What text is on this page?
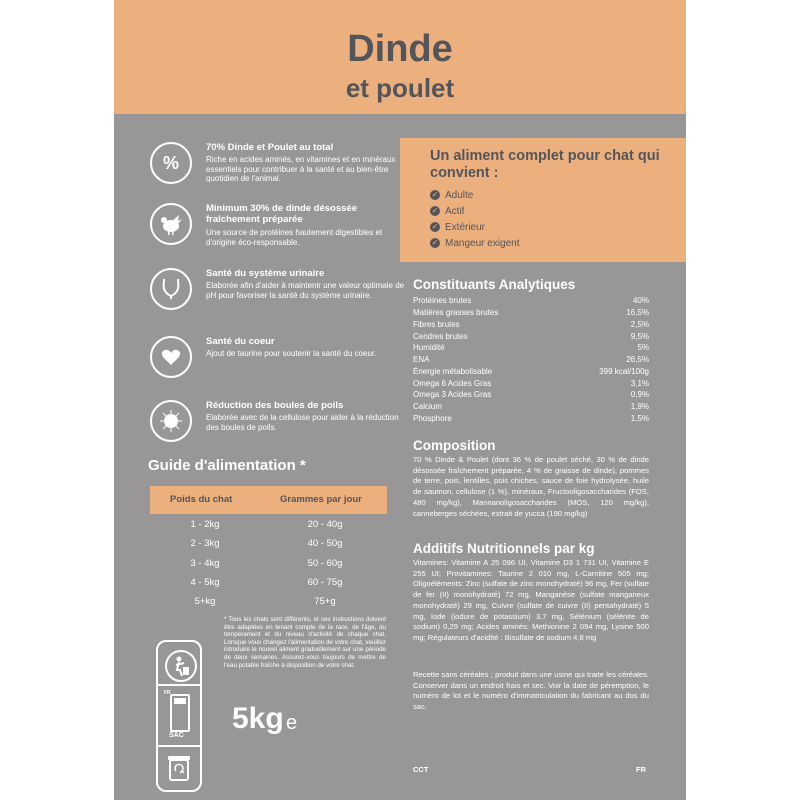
Dinde
et poulet
%
70% Dinde et Poulet au total
Riche en acides aminés, en vitamines et en minéraux essentiels pour contribuer à la santé et au bien-être quotidien de l'animal.
Minimum 30% de dinde désossée fraîchement préparée
Une source de protéines hautement digestibles et d'origine éco-responsable.
Santé du système urinaire
Elaborée afin d'aider à maintenir une valeur optimale de pH pour favoriser la santé du système urinaire.
Santé du coeur
Ajout de taurine pour soutenir la santé du coeur.
Réduction des boules de poils
Elaborée avec de la cellulose pour aider à la réduction des boules de poils.
Guide d'alimentation *
Poids du chat	Grammes par jour
1 - 2kg	20 - 40g
2 - 3kg	40 - 50g
3 - 4kg	50 - 60g
4 - 5kg	60 - 75g
5+kg	75+g
* Tous les chats sont différents, et ces instructions doivent être adaptées en tenant compte de la race, de l'âge, du tempérament et du niveau d'activité de chaque chat. Lorsque vous changez l'alimentation de votre chat, veuillez introduire le nouvel aliment graduellement sur une période de deux semaines. Assurez-vous toujours de mettre de l'eau potable fraîche à disposition de votre chat.
FR
SAC
5kg e
Un aliment complet pour chat qui convient :
✓ Adulte
✓ Actif
✓ Extérieur
✓ Mangeur exigent
Constituants Analytiques
Protéines brutes	40%
Matières grasses brutes	16,5%
Fibres brutes	2,5%
Cendres brutes	9,5%
Humidité	5%
ENA	26,5%
Énergie métabolisable	399 kcal/100g
Omega 6 Acides Gras	3,1%
Omega 3 Acides Gras	0,9%
Calcium	1,9%
Phosphore	1,5%
Composition
70 % Dinde & Poulet (dont 36 % de poulet séché, 30 % de dinde désossée fraîchement préparée, 4 % de graisse de dinde), pommes de terre, pois, lentilles, pois chiches, sauce de foie hydrolysée, huile de saumon, cellulose (1 %), minéraux, Fructooligosaccharides (FOS, 480 mg/kg), Mannanoligosaccharides (MOS, 120 mg/kg), canneberges séchées, extrait de yucca (190 mg/kg)
Additifs Nutritionnels par kg
Vitamines: Vitamine A 25 096 UI, Vitamine D3 1 731 UI, Vitamine E 255 UI; Provitamines: Taurine 2 010 mg, L-Carnitine 505 mg; Oligoéléments: Zinc (sulfate de zinc monohydraté) 96 mg, Fer (sulfate de fer (II) monohydraté) 72 mg, Manganèse (sulfate manganeux monohydraté) 29 mg, Cuivre (sulfate de cuivre (II) pentahydraté) 5 mg, Iode (iodure de potassium) 3,7 mg, Sélénium (sélénite de sodium) 0,29 mg; Acides aminés: Methionine 2 094 mg, Lysine 500 mg; Régulateurs d'acidité : Bisulfate de sodium 4,8 mg
Recette sans céréales ; produit dans une usine qui traite les céréales. Conserver dans un endroit frais et sec. Voir la date de péremption, le numéro de lot et le numéro d'immatriculation du fabricant au dos du sac.
CCT	FR
